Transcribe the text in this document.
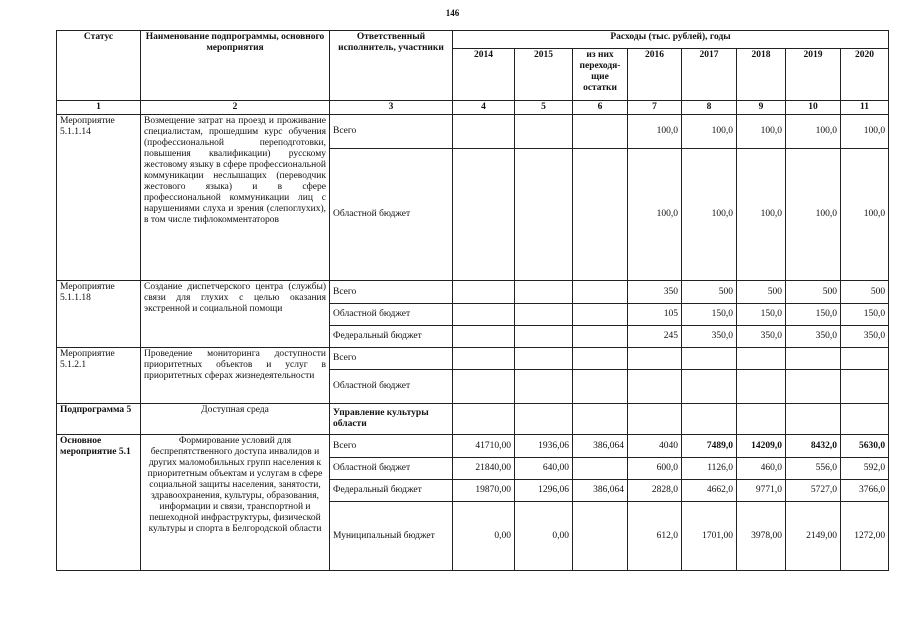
146
Статус	Наименование подпрограммы, основного мероприятия	Ответственный исполнитель, участники	Расходы (тыс. рублей), годы							
			2014	2015	из них переходя-щие остатки	2016	2017	2018	2019	2020
1	2	3	4	5	6	7	8	9	10	11
Мероприятие 5.1.1.14	Возмещение затрат на проезд и проживание специалистам, прошедшим курс обучения (профессиональной переподготовки, повышения квалификации) русскому жестовому языку в сфере профессиональной коммуникации неслышащих (переводчик жестового языка) и в сфере профессиональной коммуникации лиц с нарушениями слуха и зрения (слепоглухих), в том числе тифлокомментаторов	Всего				100,0	100,0	100,0	100,0	100,0
		Областной бюджет				100,0	100,0	100,0	100,0	100,0
Мероприятие 5.1.1.18	Создание диспетчерского центра (службы) связи для глухих с целью оказания экстренной и социальной помощи	Всего				350	500	500	500	500
		Областной бюджет				105	150,0	150,0	150,0	150,0
		Федеральный бюджет				245	350,0	350,0	350,0	350,0
Мероприятие 5.1.2.1	Проведение мониторинга доступности приоритетных объектов и услуг в приоритетных сферах жизнедеятельности	Всего								
		Областной бюджет								
Подпрограмма 5	Доступная среда	Управление культуры области								
Основное мероприятие 5.1	Формирование условий для беспрепятственного доступа инвалидов и других маломобильных групп населения к приоритетным объектам и услугам в сфере социальной защиты населения, занятости, здравоохранения, культуры, образования, информации и связи, транспортной и пешеходной инфраструктуры, физической культуры и спорта в Белгородской области	Всего	41710,00	1936,06	386,064	4040	7489,0	14209,0	8432,0	5630,0
		Областной бюджет	21840,00	640,00		600,0	1126,0	460,0	556,0	592,0
		Федеральный бюджет	19870,00	1296,06	386,064	2828,0	4662,0	9771,0	5727,0	3766,0
		Муниципальный бюджет	0,00	0,00		612,0	1701,00	3978,00	2149,00	1272,00
